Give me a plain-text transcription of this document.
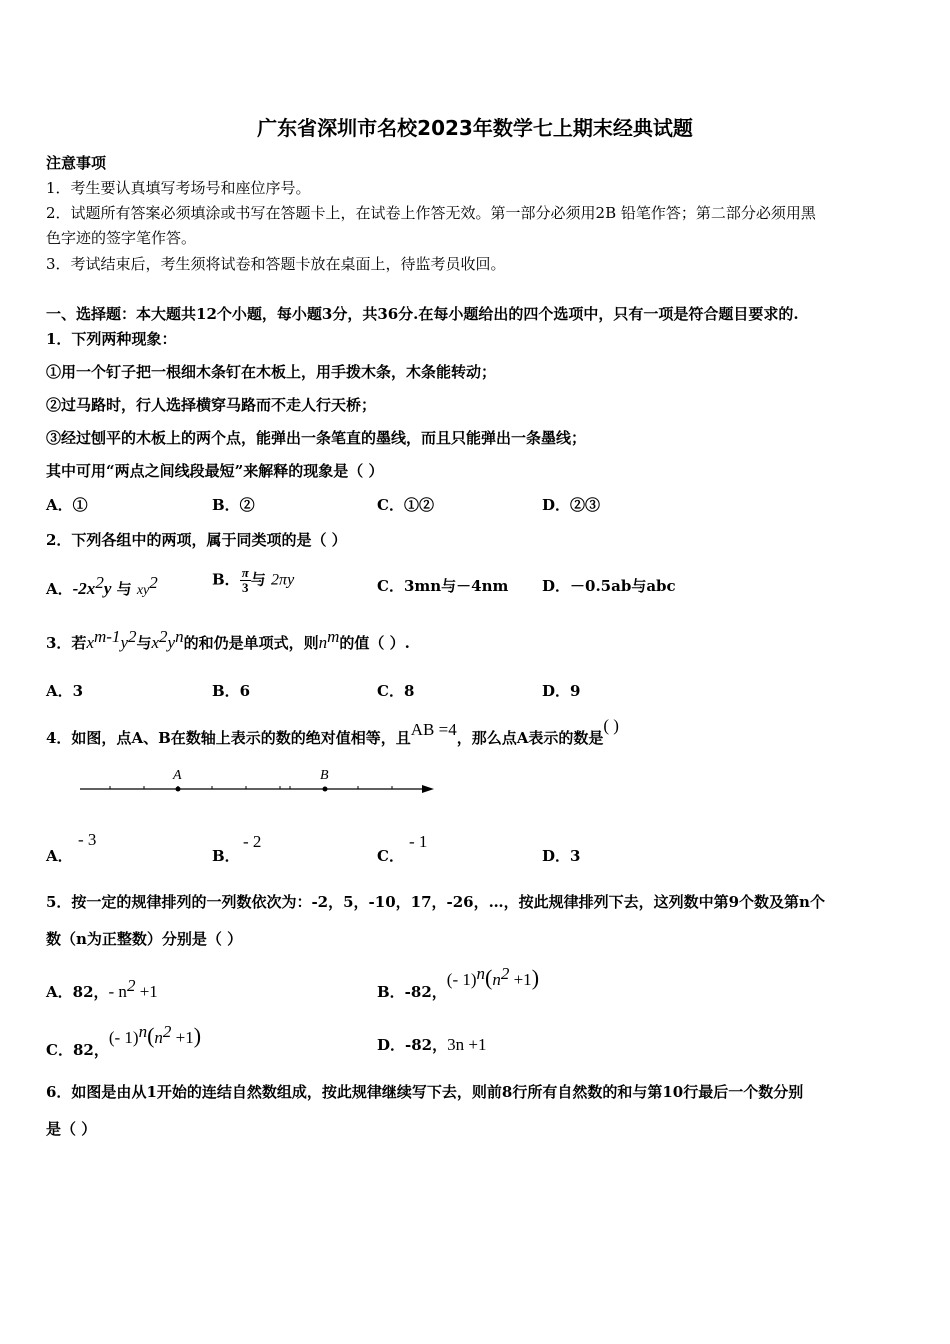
广东省深圳市名校2023年数学七上期末经典试题
注意事项
1．考生要认真填写考场号和座位序号。
2．试题所有答案必须填涂或书写在答题卡上，在试卷上作答无效。第一部分必须用2B 铅笔作答；第二部分必须用黑
色字迹的签字笔作答。
3．考试结束后，考生须将试卷和答题卡放在桌面上，待监考员收回。
一、选择题：本大题共12个小题，每小题3分，共36分.在每小题给出的四个选项中，只有一项是符合题目要求的.
1．下列两种现象：
①用一个钉子把一根细木条钉在木板上，用手拨木条，木条能转动；
②过马路时，行人选择横穿马路而不走人行天桥；
③经过刨平的木板上的两个点，能弹出一条笔直的墨线，而且只能弹出一条墨线；
其中可用“两点之间线段最短”来解释的现象是（ ）
A．①	B．②	C．①②	D．②③
2．下列各组中的两项，属于同类项的是（ ）
A．$-2x^2y$ 与 $xy^2$	B． $\frac{\pi}{3}$ 与 2πy	C．3mn与－4nm D．－0.5ab与abc
3．若$x^{m-1}y^2$与$x^2y^n$的和仍是单项式，则$n^m$的值（ ）.
A．3	B．6	C．8	D．9
4．如图，点A、B在数轴上表示的数的绝对值相等，且AB =4，那么点A表示的数是( )
A	B
A．
- 3
B．
- 2
C．
- 1
D．3
5．按一定的规律排列的一列数依次为：-2，5，-10，17，-26，…，按此规律排列下去，这列数中第9个数及第n个
数（n为正整数）分别是（ ）
A．82，- $n^2 +1$	B．-82，(- $1)^n(n^2 +1)$
C．82，(- $1)^n(n^2 +1)$	D．-82，3n +1
6．如图是由从1开始的连结自然数组成，按此规律继续写下去，则前8行所有自然数的和与第10行最后一个数分别
是（ ）
